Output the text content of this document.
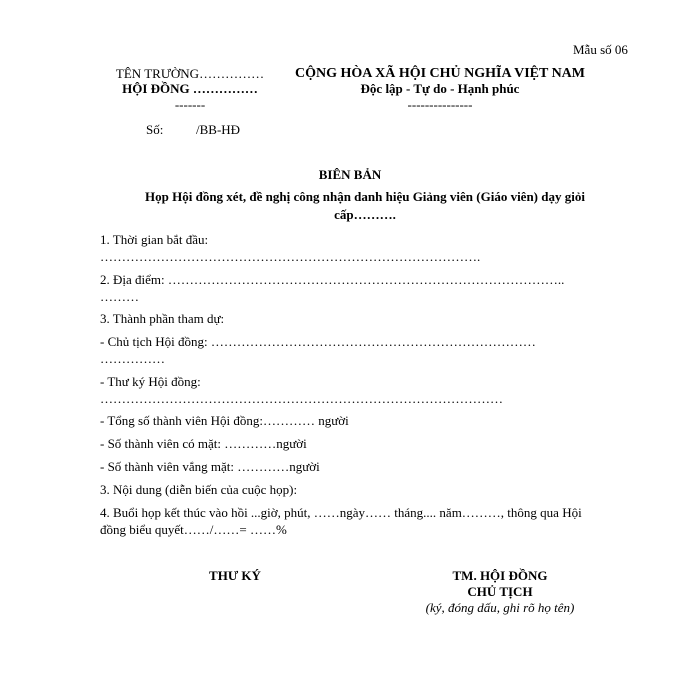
Mẫu số 06
TÊN TRƯỜNG……………
HỘI ĐỒNG ……………
-------
CỘNG HÒA XÃ HỘI CHỦ NGHĨA VIỆT NAM
Độc lập - Tự do - Hạnh phúc
---------------
Số:	/BB-HĐ
BIÊN BẢN
Họp Hội đồng xét, đề nghị công nhận danh hiệu Giảng viên (Giáo viên) dạy giỏi
cấp……….
1. Thời gian bắt đầu:
…………………………………………………………………………….
2. Địa điểm: ………………………………………………………………………………..
………
3. Thành phần tham dự:
- Chủ tịch Hội đồng: …………………………………………………………………
……………
- Thư ký Hội đồng:
…………………………………………………………………………………
- Tổng số thành viên Hội đồng:………… người
- Số thành viên có mặt: …………người
- Số thành viên vắng mặt: …………người
3. Nội dung (diễn biến của cuộc họp):
4. Buổi họp kết thúc vào hồi ...giờ, phút, ……ngày…… tháng.... năm………, thông qua Hội
đồng biểu quyết……/……= ……%
THƯ KÝ	TM. HỘI ĐỒNG
CHỦ TỊCH
(ký, đóng dấu, ghi rõ họ tên)
